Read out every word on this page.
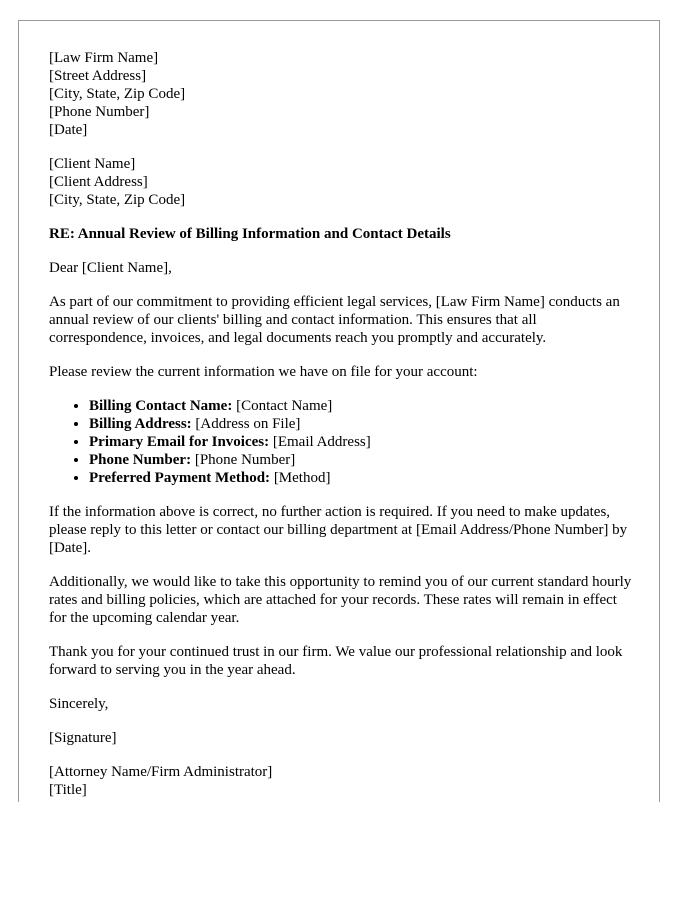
[Law Firm Name]
[Street Address]
[City, State, Zip Code]
[Phone Number]
[Date]
[Client Name]
[Client Address]
[City, State, Zip Code]

RE: Annual Review of Billing Information and Contact Details

Dear [Client Name],

As part of our commitment to providing efficient legal services, [Law Firm Name] conducts an annual review of our clients' billing and contact information. This ensures that all correspondence, invoices, and legal documents reach you promptly and accurately.

Please review the current information we have on file for your account:

• Billing Contact Name: [Contact Name]
• Billing Address: [Address on File]
• Primary Email for Invoices: [Email Address]
• Phone Number: [Phone Number]
• Preferred Payment Method: [Method]

If the information above is correct, no further action is required. If you need to make updates, please reply to this letter or contact our billing department at [Email Address/Phone Number] by [Date].

Additionally, we would like to take this opportunity to remind you of our current standard hourly rates and billing policies, which are attached for your records. These rates will remain in effect for the upcoming calendar year.

Thank you for your continued trust in our firm. We value our professional relationship and look forward to serving you in the year ahead.

Sincerely,

[Signature]

[Attorney Name/Firm Administrator]
[Title]
